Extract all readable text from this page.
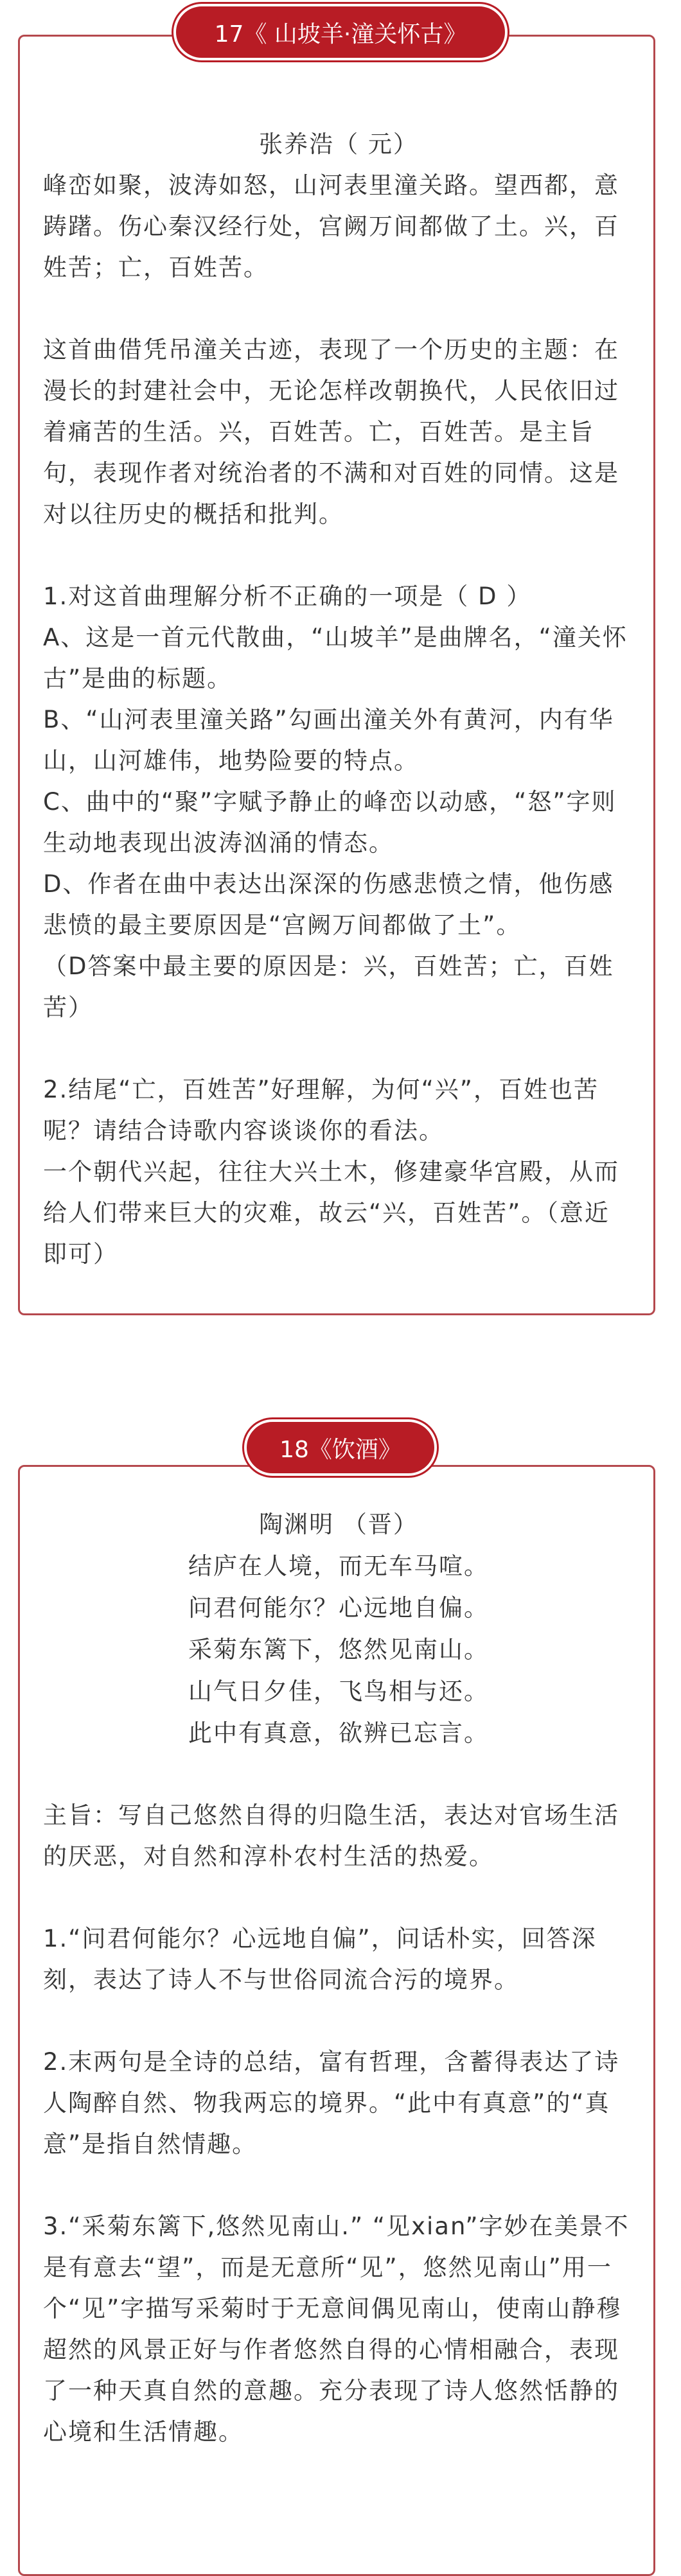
张养浩（ 元）

峰峦如聚，波涛如怒，山河表里潼关路。望西都，意踌躇。伤心秦汉经行处，宫阙万间都做了土。兴，百姓苦；亡，百姓苦。

这首曲借凭吊潼关古迹，表现了一个历史的主题：在漫长的封建社会中，无论怎样改朝换代，人民依旧过着痛苦的生活。兴，百姓苦。亡，百姓苦。是主旨句，表现作者对统治者的不满和对百姓的同情。这是对以往历史的概括和批判。

1.对这首曲理解分析不正确的一项是（ D ）

A、这是一首元代散曲，“山坡羊”是曲牌名，“潼关怀古”是曲的标题。

B、“山河表里潼关路”勾画出潼关外有黄河，内有华山，山河雄伟，地势险要的特点。

C、曲中的“聚”字赋予静止的峰峦以动感，“怒”字则生动地表现出波涛汹涌的情态。

D、作者在曲中表达出深深的伤感悲愤之情，他伤感悲愤的最主要原因是“宫阙万间都做了土”。

（D答案中最主要的原因是：兴，百姓苦；亡，百姓苦）

2.结尾“亡，百姓苦”好理解，为何“兴”，百姓也苦呢？请结合诗歌内容谈谈你的看法。

一个朝代兴起，往往大兴土木，修建豪华宫殿，从而给人们带来巨大的灾难，故云“兴，百姓苦”。（意近即可）

17《 山坡羊·潼关怀古》

陶渊明 （晋）

结庐在人境，而无车马喧。

问君何能尔？心远地自偏。

采菊东篱下，悠然见南山。

山气日夕佳，飞鸟相与还。

此中有真意，欲辨已忘言。

主旨：写自己悠然自得的归隐生活，表达对官场生活的厌恶，对自然和淳朴农村生活的热爱。

1.“问君何能尔？心远地自偏”，问话朴实，回答深刻，表达了诗人不与世俗同流合污的境界。

2.末两句是全诗的总结，富有哲理，含蓄得表达了诗人陶醉自然、物我两忘的境界。“此中有真意”的“真意”是指自然情趣。

3.“采菊东篱下,悠然见南山.” “见xian”字妙在美景不是有意去“望”，而是无意所“见”，悠然见南山”用一个“见”字描写采菊时于无意间偶见南山，使南山静穆超然的风景正好与作者悠然自得的心情相融合，表现了一种天真自然的意趣。充分表现了诗人悠然恬静的心境和生活情趣。

18《饮酒》
